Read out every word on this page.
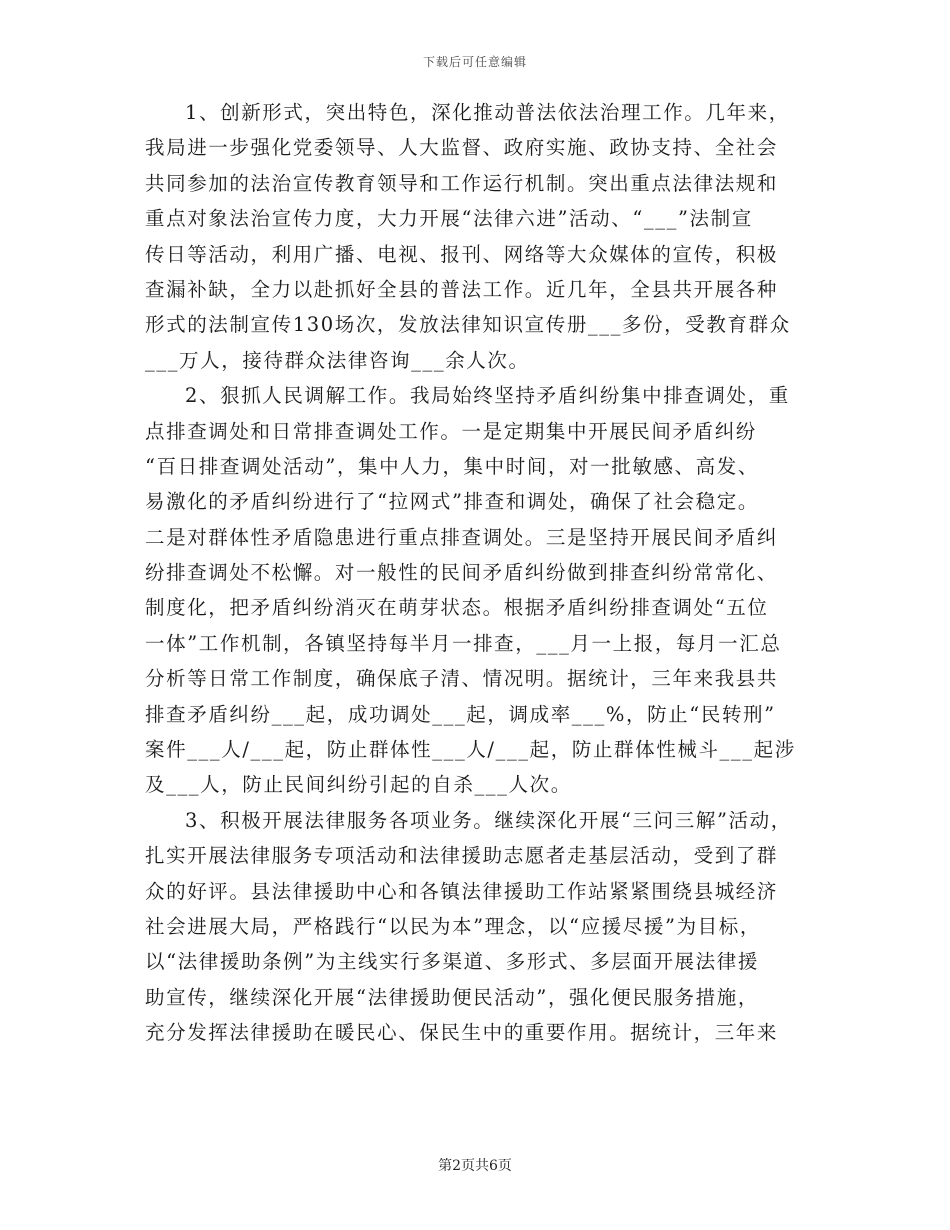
下载后可任意编辑
1、创新形式，突出特色，深化推动普法依法治理工作。几年来，
我局进一步强化党委领导、人大监督、政府实施、政协支持、全社会
共同参加的法治宣传教育领导和工作运行机制。突出重点法律法规和
重点对象法治宣传力度，大力开展“法律六进”活动、“___”法制宣
传日等活动，利用广播、电视、报刊、网络等大众媒体的宣传，积极
查漏补缺，全力以赴抓好全县的普法工作。近几年，全县共开展各种
形式的法制宣传130场次，发放法律知识宣传册___多份，受教育群众
___万人，接待群众法律咨询___余人次。
2、狠抓人民调解工作。我局始终坚持矛盾纠纷集中排查调处，重
点排查调处和日常排查调处工作。一是定期集中开展民间矛盾纠纷
“百日排查调处活动”，集中人力，集中时间，对一批敏感、高发、
易激化的矛盾纠纷进行了“拉网式”排查和调处，确保了社会稳定。
二是对群体性矛盾隐患进行重点排查调处。三是坚持开展民间矛盾纠
纷排查调处不松懈。对一般性的民间矛盾纠纷做到排查纠纷常常化、
制度化，把矛盾纠纷消灭在萌芽状态。根据矛盾纠纷排查调处“五位
一体”工作机制，各镇坚持每半月一排查，___月一上报，每月一汇总
分析等日常工作制度，确保底子清、情况明。据统计，三年来我县共
排查矛盾纠纷___起，成功调处___起，调成率___%，防止“民转刑”
案件___人/___起，防止群体性___人/___起，防止群体性械斗___起涉
及___人，防止民间纠纷引起的自杀___人次。
3、积极开展法律服务各项业务。继续深化开展“三问三解”活动，
扎实开展法律服务专项活动和法律援助志愿者走基层活动，受到了群
众的好评。县法律援助中心和各镇法律援助工作站紧紧围绕县城经济
社会进展大局，严格践行“以民为本”理念，以“应援尽援”为目标，
以“法律援助条例”为主线实行多渠道、多形式、多层面开展法律援
助宣传，继续深化开展“法律援助便民活动”，强化便民服务措施，
充分发挥法律援助在暖民心、保民生中的重要作用。据统计，三年来
第2页共6页
